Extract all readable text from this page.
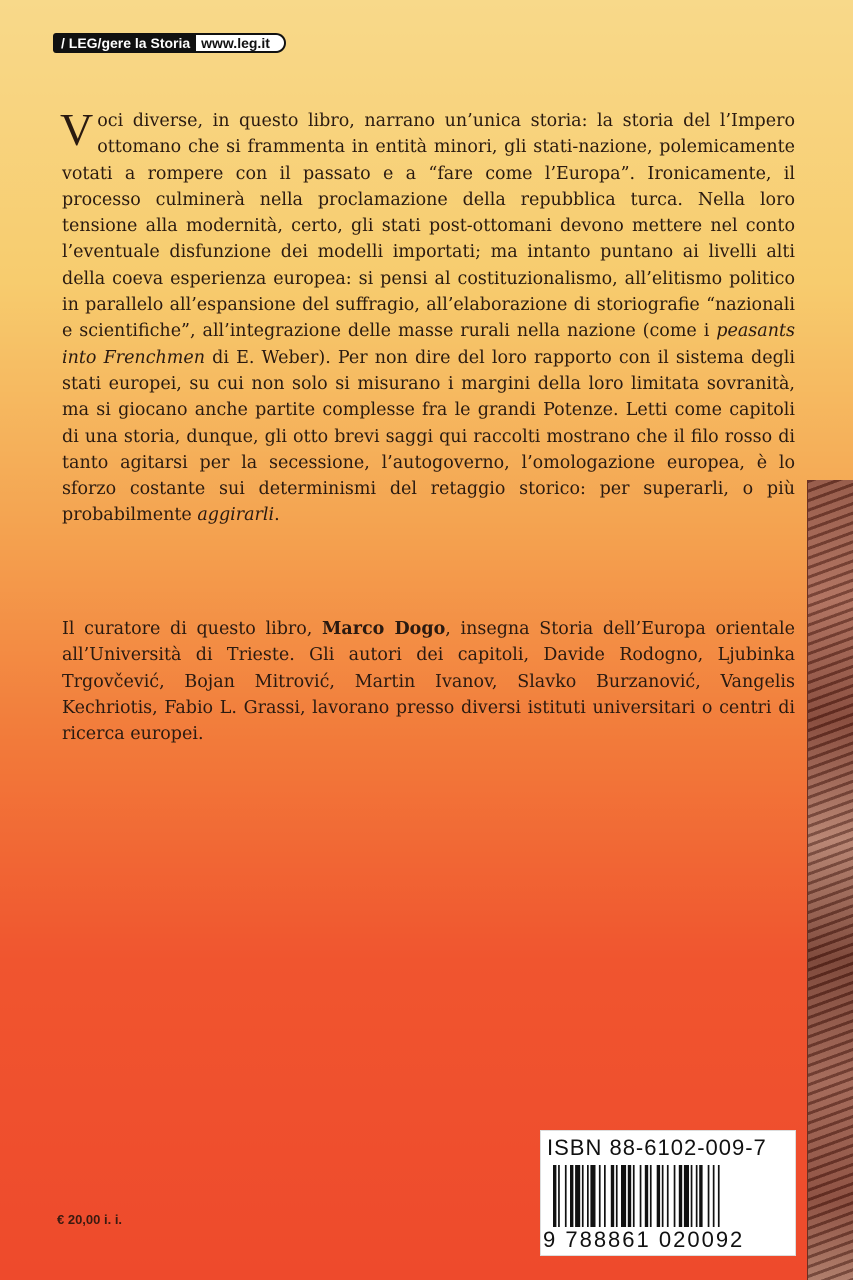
/ LEG/gere la Storia www.leg.it
Voci diverse, in questo libro, narrano un’unica storia: la storia del l’Impero ottomano che si frammenta in entità minori, gli stati-nazione, polemicamente votati a rompere con il passato e a “fare come l’Europa”. Ironicamente, il processo culminerà nella proclamazione della repubblica turca. Nella loro tensione alla modernità, certo, gli stati post-ottomani devono mettere nel conto l’eventuale disfunzione dei modelli importati; ma intanto puntano ai livelli alti della coeva esperienza europea: si pensi al costituzionalismo, all’elitismo politico in parallelo all’espansione del suffragio, all’elaborazione di storiografie “nazionali e scientifiche”, all’integrazione delle masse rurali nella nazione (come i peasants into Frenchmen di E. Weber). Per non dire del loro rapporto con il sistema degli stati europei, su cui non solo si misurano i margini della loro limitata sovranità, ma si giocano anche partite complesse fra le grandi Potenze. Letti come capitoli di una storia, dunque, gli otto brevi saggi qui raccolti mostrano che il filo rosso di tanto agitarsi per la secessione, l’autogoverno, l’omologazione europea, è lo sforzo costante sui determinismi del retaggio storico: per superarli, o più probabilmente aggirarli.
Il curatore di questo libro, Marco Dogo, insegna Storia dell’Europa orientale all’Università di Trieste. Gli autori dei capitoli, Davide Rodogno, Ljubinka Trgovčević, Bojan Mitrović, Martin Ivanov, Slavko Burzanović, Vangelis Kechriotis, Fabio L. Grassi, lavorano presso diversi istituti universitari o centri di ricerca europei.
ISBN 88-6102-009-7
9 788861 020092
€ 20,00 i. i.
